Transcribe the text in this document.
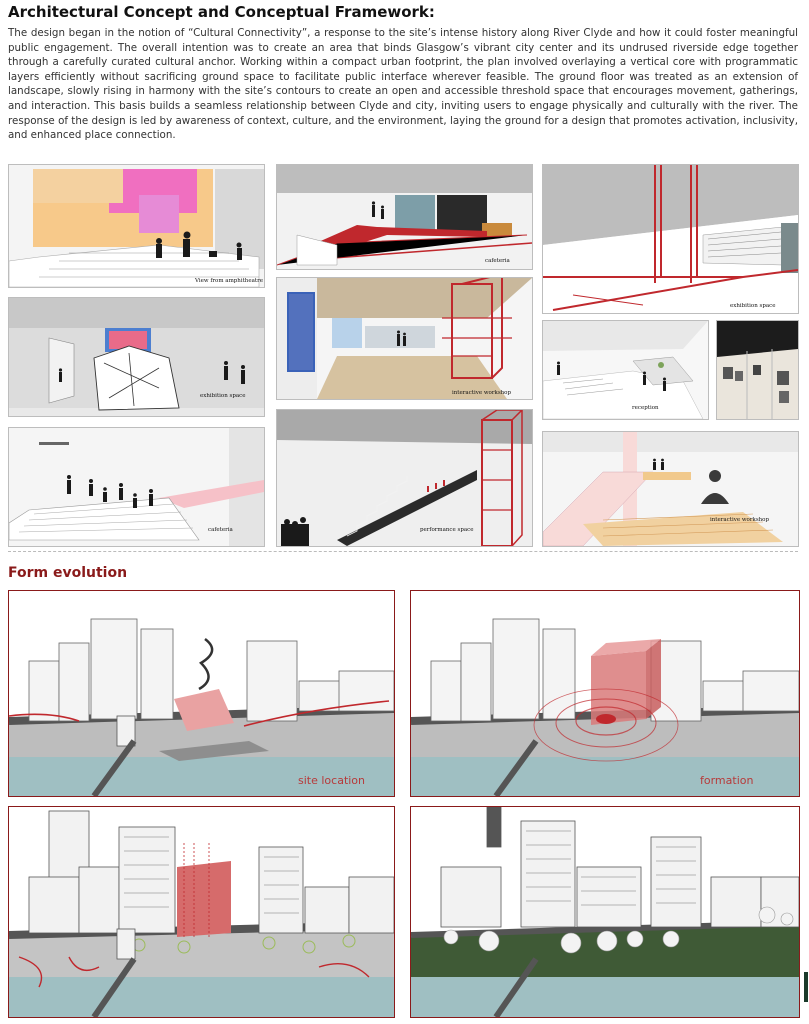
Architectural Concept and Conceptual Framework:
The design began in the notion of “Cultural Connectivity”, a response to the site’s intense history along River Clyde and how it could foster meaningful public engagement. The overall intention was to create an area that binds Glasgow’s vibrant city center and its undrused riverside edge together through a carefully curated cultural anchor. Working within a compact urban footprint, the plan involved overlaying a vertical core with programmatic layers efficiently without sacrificing ground space to facilitate public interface wherever feasible. The ground floor was treated as an extension of landscape, slowly rising in harmony with the site’s contours to create an open and accessible threshold space that encourages movement, gatherings, and interaction. This basis builds a seamless relationship between Clyde and city, inviting users to engage physically and culturally with the river. The response of the design is led by awareness of context, culture, and the environment, laying the ground for a design that promotes activation, inclusivity, and enhanced place connection.
View from amphitheatre
exhibition space
cafeteria
cafeteria
interactive workshop
performance space
exhibition space
reception
interactive workshop
Form evolution
site location	formation
